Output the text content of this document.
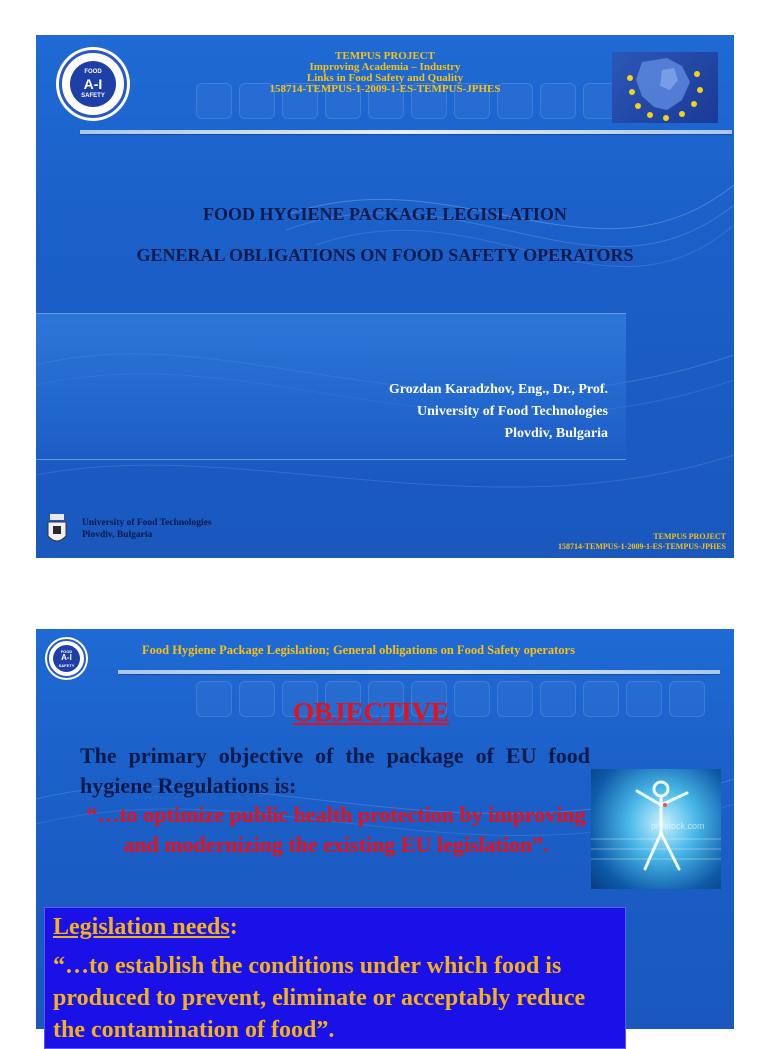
FOOD
A-I
SAFETY
TEMPUS PROJECT
Improving Academia – Industry
Links in Food Safety and Quality
158714-TEMPUS-1-2009-1-ES-TEMPUS-JPHES
FOOD HYGIENE PACKAGE LEGISLATION
GENERAL OBLIGATIONS ON FOOD SAFETY OPERATORS
Grozdan Karadzhov, Eng., Dr., Prof.
University of Food Technologies
Plovdiv, Bulgaria
University of Food Technologies
Plovdiv, Bulgaria	TEMPUS PROJECT
158714-TEMPUS-1-2009-1-ES-TEMPUS-JPHES
FOOD
A-I
SAFETY
Food Hygiene Package Legislation; General obligations on Food Safety operators
OBJECTIVE
The primary objective of the package of EU food hygiene Regulations is:
“…to optimize public health protection by improving and modernizing the existing EU legislation”.
prestock.com
Legislation needs:
“…to establish the conditions under which food is produced to prevent, eliminate or acceptably reduce the contamination of food”.
